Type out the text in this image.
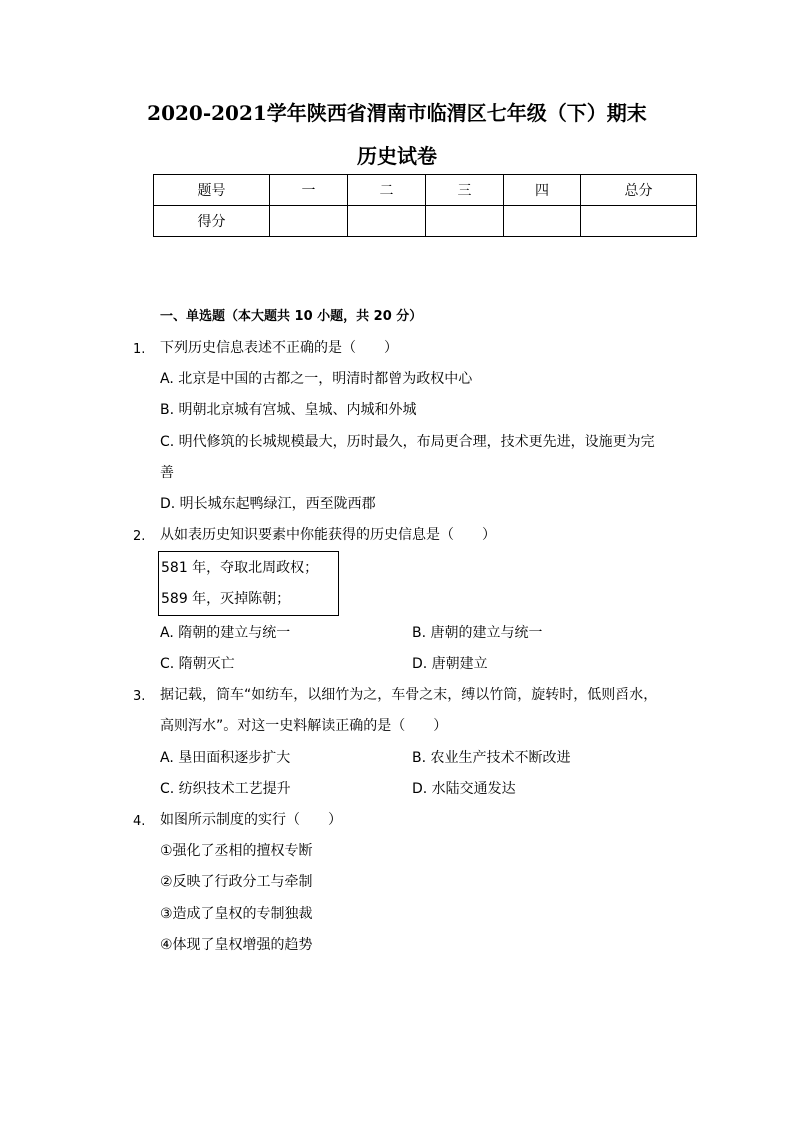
2020-2021学年陕西省渭南市临渭区七年级（下）期末
历史试卷
题号	一	二	三	四	总分
得分					
一、单选题（本大题共 10 小题，共 20 分）
1. 下列历史信息表述不正确的是（　　）
A. 北京是中国的古都之一，明清时都曾为政权中心
B. 明朝北京城有宫城、皇城、内城和外城
C. 明代修筑的长城规模最大，历时最久，布局更合理，技术更先进，设施更为完
善
D. 明长城东起鸭绿江，西至陇西郡
2. 从如表历史知识要素中你能获得的历史信息是（　　）
581 年，夺取北周政权；
589 年，灭掉陈朝；
A. 隋朝的建立与统一	B. 唐朝的建立与统一
C. 隋朝灭亡	D. 唐朝建立
3. 据记载，筒车“如纺车，以细竹为之，车骨之末，缚以竹筒，旋转时，低则舀水，
高则泻水”。对这一史料解读正确的是（　　）
A. 垦田面积逐步扩大	B. 农业生产技术不断改进
C. 纺织技术工艺提升	D. 水陆交通发达
4. 如图所示制度的实行（　　）
①强化了丞相的擅权专断
②反映了行政分工与牵制
③造成了皇权的专制独裁
④体现了皇权增强的趋势
